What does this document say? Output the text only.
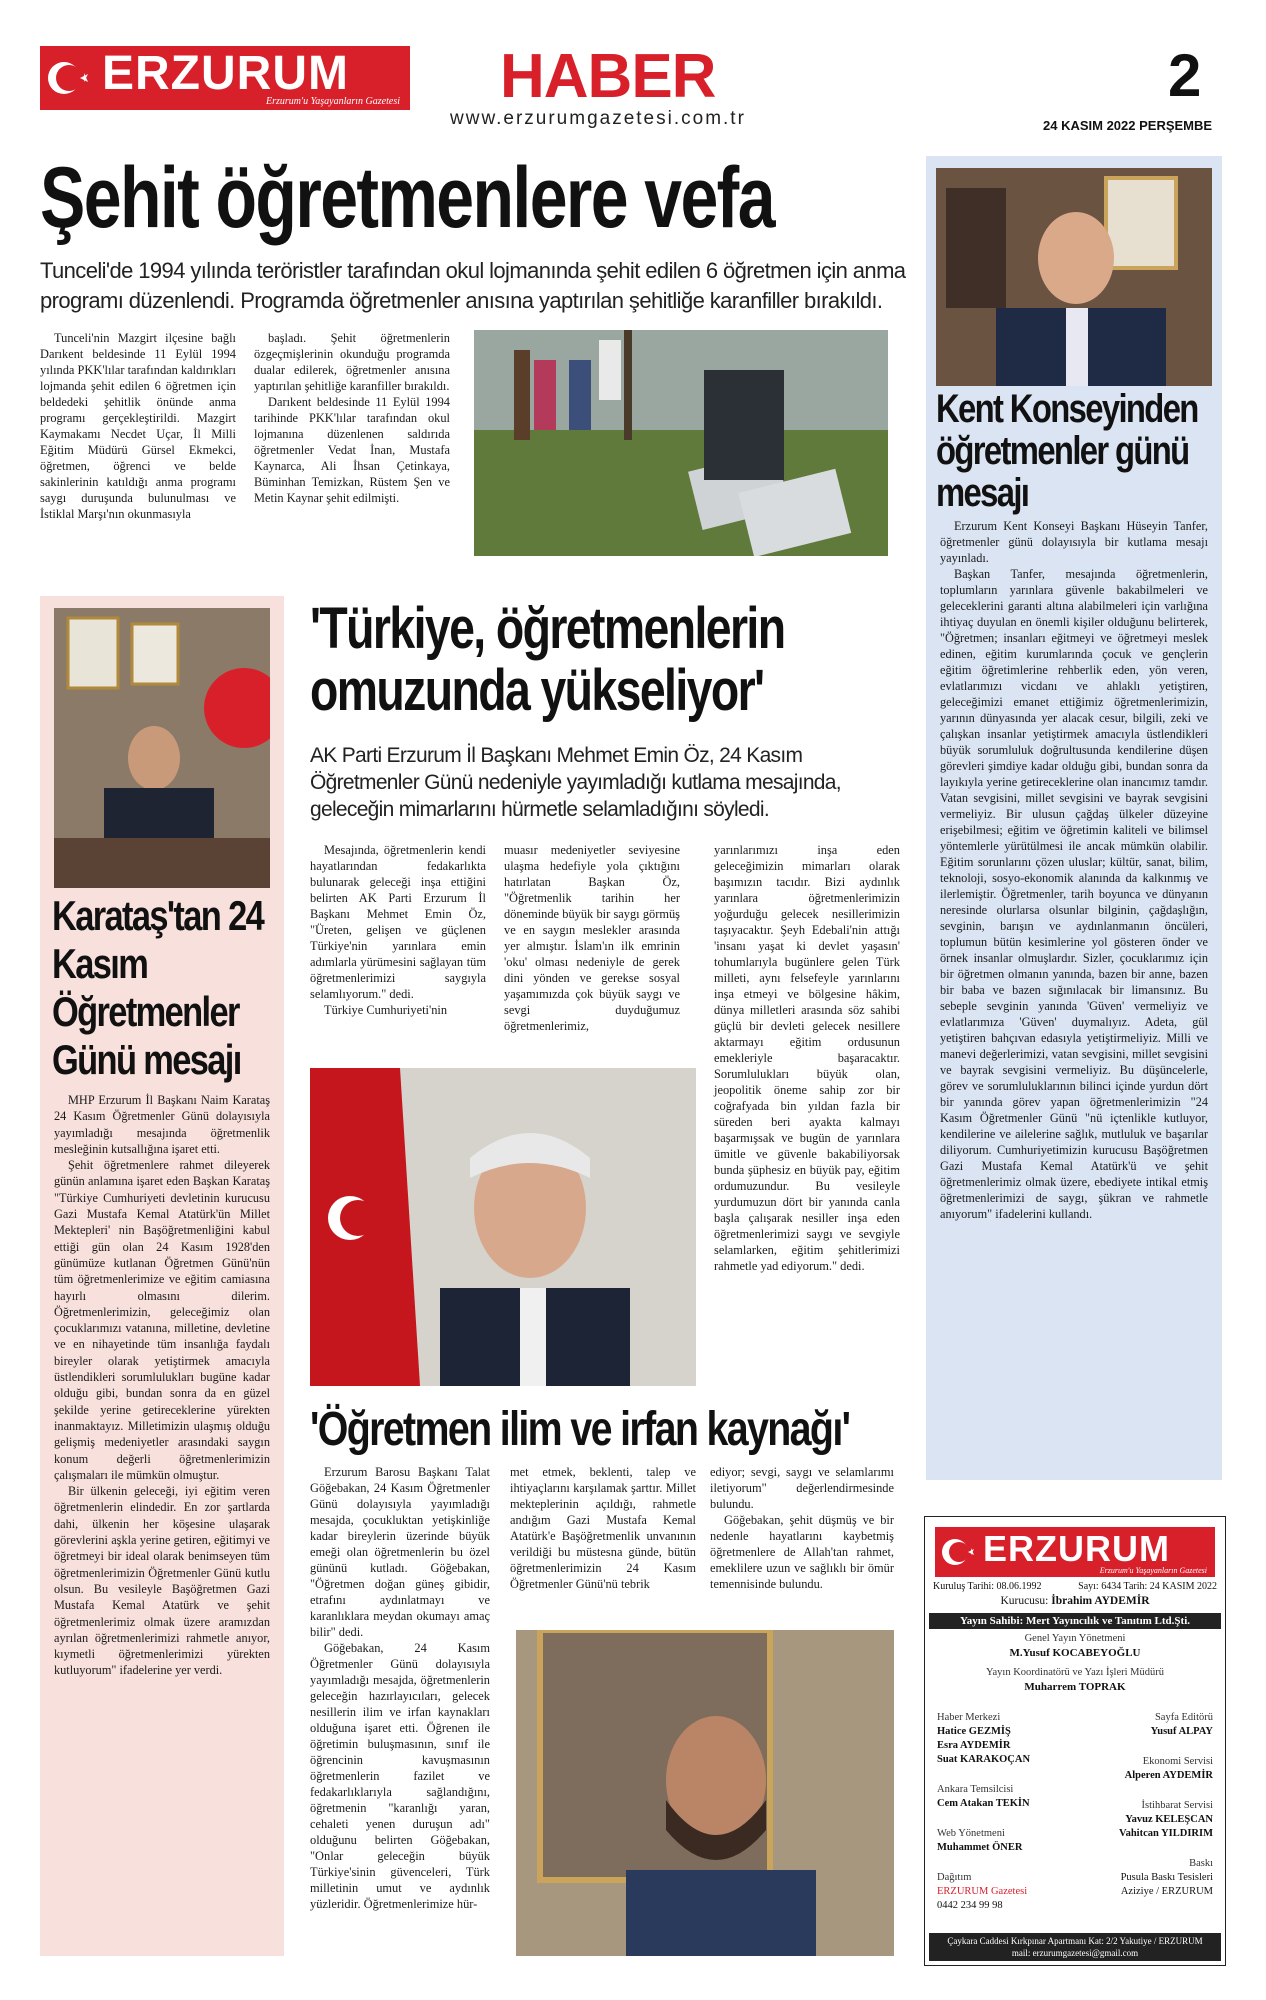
ERZURUM
Erzurum'u Yaşayanların Gazetesi HABER
www.erzurumgazetesi.com.tr
2
24 KASIM 2022 PERŞEMBE
Şehit öğretmenlere vefa
Tunceli'de 1994 yılında teröristler tarafından okul lojmanında şehit edilen 6 öğretmen için anma programı düzenlendi. Programda öğretmenler anısına yaptırılan şehitliğe karanfiller bırakıldı.

Tunceli'nin Mazgirt ilçesine bağlı Darıkent beldesinde 11 Eylül 1994 yılında PKK'lılar tarafından kaldırıkları lojmanda şehit edilen 6 öğretmen için beldedeki şehitlik önünde anma programı gerçekleştirildi. Mazgirt Kaymakamı Necdet Uçar, İl Milli Eğitim Müdürü Gürsel Ekmekci, öğretmen, öğrenci ve belde sakinlerinin katıldığı anma programı saygı duruşunda bulunulması ve İstiklal Marşı'nın okunmasıyla

başladı. Şehit öğretmenlerin özgeçmişlerinin okunduğu programda dualar edilerek, öğretmenler anısına yaptırılan şehitliğe karanfiller bırakıldı.

Darıkent beldesinde 11 Eylül 1994 tarihinde PKK'lılar tarafından okul lojmanına düzenlenen saldırıda öğretmenler Vedat İnan, Mustafa Kaynarca, Ali İhsan Çetinkaya, Büminhan Temizkan, Rüstem Şen ve Metin Kaynar şehit edilmişti.

Kent Konseyinden öğretmenler günü mesajı

Erzurum Kent Konseyi Başkanı Hüseyin Tanfer, öğretmenler günü dolayısıyla bir kutlama mesajı yayınladı.

Başkan Tanfer, mesajında öğretmenlerin, toplumların yarınlara güvenle bakabilmeleri ve geleceklerini garanti altına alabilmeleri için varlığına ihtiyaç duyulan en önemli kişiler olduğunu belirterek, "Öğretmen; insanları eğitmeyi ve öğretmeyi meslek edinen, eğitim kurumlarında çocuk ve gençlerin eğitim öğretimlerine rehberlik eden, yön veren, evlatlarımızı vicdanı ve ahlaklı yetiştiren, geleceğimizi emanet ettiğimiz öğretmenlerimizin, yarının dünyasında yer alacak cesur, bilgili, zeki ve çalışkan insanlar yetiştirmek amacıyla üstlendikleri büyük sorumluluk doğrultusunda kendilerine düşen görevleri şimdiye kadar olduğu gibi, bundan sonra da layıkıyla yerine getireceklerine olan inancımız tamdır. Vatan sevgisini, millet sevgisini ve bayrak sevgisini vermeliyiz. Bir ulusun çağdaş ülkeler düzeyine erişebilmesi; eğitim ve öğretimin kaliteli ve bilimsel yöntemlerle yürütülmesi ile ancak mümkün olabilir. Eğitim sorunlarını çözen uluslar; kültür, sanat, bilim, teknoloji, sosyo-ekonomik alanında da kalkınmış ve ilerlemiştir. Öğretmenler, tarih boyunca ve dünyanın neresinde olurlarsa olsunlar bilginin, çağdaşlığın, sevginin, barışın ve aydınlanmanın öncüleri, toplumun bütün kesimlerine yol gösteren önder ve örnek insanlar olmuşlardır. Sizler, çocuklarımız için bir öğretmen olmanın yanında, bazen bir anne, bazen bir baba ve bazen sığınılacak bir limansınız. Bu sebeple sevginin yanında 'Güven' vermeliyiz ve evlatlarımıza 'Güven' duymalıyız. Adeta, gül yetiştiren bahçıvan edasıyla yetiştirmeliyiz. Milli ve manevi değerlerimizi, vatan sevgisini, millet sevgisini ve bayrak sevgisini vermeliyiz. Bu düşüncelerle, görev ve sorumluluklarının bilinci içinde yurdun dört bir yanında görev yapan öğretmenlerimizin "24 Kasım Öğretmenler Günü "nü içtenlikle kutluyor, kendilerine ve ailelerine sağlık, mutluluk ve başarılar diliyorum. Cumhuriyetimizin kurucusu Başöğretmen Gazi Mustafa Kemal Atatürk'ü ve şehit öğretmenlerimiz olmak üzere, ebediyete intikal etmiş öğretmenlerimizi de saygı, şükran ve rahmetle anıyorum" ifadelerini kullandı.

Karataş'tan 24 Kasım Öğretmenler Günü mesajı

MHP Erzurum İl Başkanı Naim Karataş 24 Kasım Öğretmenler Günü dolayısıyla yayımladığı mesajında öğretmenlik mesleğinin kutsallığına işaret etti.

Şehit öğretmenlere rahmet dileyerek günün anlamına işaret eden Başkan Karataş "Türkiye Cumhuriyeti devletinin kurucusu Gazi Mustafa Kemal Atatürk'ün Millet Mektepleri' nin Başöğretmenliğini kabul ettiği gün olan 24 Kasım 1928'den günümüze kutlanan Öğretmen Günü'nün tüm öğretmenlerimize ve eğitim camiasına hayırlı olmasını dilerim. Öğretmenlerimizin, geleceğimiz olan çocuklarımızı vatanına, milletine, devletine ve en nihayetinde tüm insanlığa faydalı bireyler olarak yetiştirmek amacıyla üstlendikleri sorumlulukları bugüne kadar olduğu gibi, bundan sonra da en güzel şekilde yerine getireceklerine yürekten inanmaktayız. Milletimizin ulaşmış olduğu gelişmiş medeniyetler arasındaki saygın konum değerli öğretmenlerimizin çalışmaları ile mümkün olmuştur.

Bir ülkenin geleceği, iyi eğitim veren öğretmenlerin elindedir. En zor şartlarda dahi, ülkenin her köşesine ulaşarak görevlerini aşkla yerine getiren, eğitimyi ve öğretmeyi bir ideal olarak benimseyen tüm öğretmenlerimizin Öğretmenler Günü kutlu olsun. Bu vesileyle Başöğretmen Gazi Mustafa Kemal Atatürk ve şehit öğretmenlerimiz olmak üzere aramızdan ayrılan öğretmenlerimizi rahmetle anıyor, kıymetli öğretmenlerimizi yürekten kutluyorum" ifadelerine yer verdi.

'Türkiye, öğretmenlerin omuzunda yükseliyor'
AK Parti Erzurum İl Başkanı Mehmet Emin Öz, 24 Kasım Öğretmenler Günü nedeniyle yayımladığı kutlama mesajında, geleceğin mimarlarını hürmetle selamladığını söyledi.

Mesajında, öğretmenlerin kendi hayatlarından fedakarlıkta bulunarak geleceği inşa ettiğini belirten AK Parti Erzurum İl Başkanı Mehmet Emin Öz, "Üreten, gelişen ve güçlenen Türkiye'nin yarınlara emin adımlarla yürümesini sağlayan tüm öğretmenlerimizi saygıyla selamlıyorum." dedi.

Türkiye Cumhuriyeti'nin

muasır medeniyetler seviyesine ulaşma hedefiyle yola çıktığını hatırlatan Başkan Öz, "Öğretmenlik tarihin her döneminde büyük bir saygı görmüş ve en saygın meslekler arasında yer almıştır. İslam'ın ilk emrinin 'oku' olması nedeniyle de gerek dini yönden ve gerekse sosyal yaşamımızda çok büyük saygı ve sevgi duyduğumuz öğretmenlerimiz,

yarınlarımızı inşa eden geleceğimizin mimarları olarak başımızın tacıdır. Bizi aydınlık yarınlara öğretmenlerimizin yoğurduğu gelecek nesillerimizin taşıyacaktır. Şeyh Edebali'nin attığı 'insanı yaşat ki devlet yaşasın' tohumlarıyla bugünlere gelen Türk milleti, aynı felsefeyle yarınlarını inşa etmeyi ve bölgesine hâkim, dünya milletleri arasında söz sahibi güçlü bir devleti gelecek nesillere aktarmayı eğitim ordusunun emekleriyle başaracaktır. Sorumlulukları büyük olan, jeopolitik öneme sahip zor bir coğrafyada bin yıldan fazla bir süreden beri ayakta kalmayı başarmışsak ve bugün de yarınlara ümitle ve güvenle bakabiliyorsak bunda şüphesiz en büyük pay, eğitim ordumuzundur. Bu vesileyle yurdumuzun dört bir yanında canla başla çalışarak nesiller inşa eden öğretmenlerimizi saygı ve sevgiyle selamlarken, eğitim şehitlerimizi rahmetle yad ediyorum." dedi.

'Öğretmen ilim ve irfan kaynağı'

Erzurum Barosu Başkanı Talat Göğebakan, 24 Kasım Öğretmenler Günü dolayısıyla yayımladığı mesajda, çocukluktan yetişkinliğe kadar bireylerin üzerinde büyük emeği olan öğretmenlerin bu özel gününü kutladı. Göğebakan, "Öğretmen doğan güneş gibidir, etrafını aydınlatmayı ve karanlıklara meydan okumayı amaç bilir" dedi.

Göğebakan, 24 Kasım Öğretmenler Günü dolayısıyla yayımladığı mesajda, öğretmenlerin geleceğin hazırlayıcıları, gelecek nesillerin ilim ve irfan kaynakları olduğuna işaret etti. Öğrenen ile öğretimin buluşmasının, sınıf ile öğrencinin kavuşmasının öğretmenlerin fazilet ve fedakarlıklarıyla sağlandığını, öğretmenin "karanlığı yaran, cehaleti yenen duruşun adı" olduğunu belirten Göğebakan, "Onlar geleceğin büyük Türkiye'sinin güvenceleri, Türk milletinin umut ve aydınlık yüzleridir. Öğretmenlerimize hür-

met etmek, beklenti, talep ve ihtiyaçlarını karşılamak şarttır. Millet mekteplerinin açıldığı, rahmetle andığım Gazi Mustafa Kemal Atatürk'e Başöğretmenlik unvanının verildiği bu müstesna günde, bütün öğretmenlerimizin 24 Kasım Öğretmenler Günü'nü tebrik

ediyor; sevgi, saygı ve selamlarımı iletiyorum" değerlendirmesinde bulundu.

Göğebakan, şehit düşmüş ve bir nedenle hayatlarını kaybetmiş öğretmenlere de Allah'tan rahmet, emeklilere uzun ve sağlıklı bir ömür temennisinde bulundu.

ERZURUM
Erzurum'u Yaşayanların Gazetesi
Kuruluş Tarihi: 08.06.1992	Sayı: 6434 Tarih: 24 KASIM 2022
Kurucusu: İbrahim AYDEMİR
Yayın Sahibi: Mert Yayıncılık ve Tanıtım Ltd.Şti.
Genel Yayın Yönetmeni
M.Yusuf KOCABEYOĞLU
Yayın Koordinatörü ve Yazı İşleri Müdürü
Muharrem TOPRAK
Haber Merkezi
Hatice GEZMİŞ
Esra AYDEMİR
Suat KARAKOÇAN
Ankara Temsilcisi
Cem Atakan TEKİN
Web Yönetmeni
Muhammet ÖNER
Dağıtım
ERZURUM Gazetesi
0442 234 99 98
Sayfa Editörü
Yusuf ALPAY
Ekonomi Servisi
Alperen AYDEMİR
İstihbarat Servisi
Yavuz KELEŞCAN
Vahitcan YILDIRIM
Baskı
Pusula Baskı Tesisleri
Aziziye / ERZURUM
Çaykara Caddesi Kırkpınar Apartmanı Kat: 2/2 Yakutiye / ERZURUM
mail: erzurumgazetesi@gmail.com
